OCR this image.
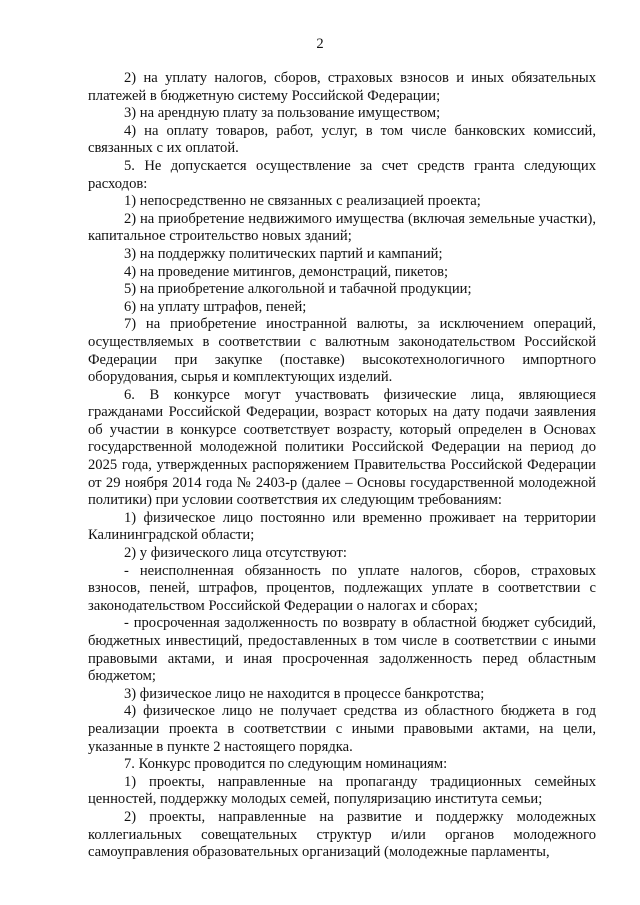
2

2) на уплату налогов, сборов, страховых взносов и иных обязательных платежей в бюджетную систему Российской Федерации;

3) на арендную плату за пользование имуществом;

4) на оплату товаров, работ, услуг, в том числе банковских комиссий, связанных с их оплатой.

5. Не допускается осуществление за счет средств гранта следующих расходов:

1) непосредственно не связанных с реализацией проекта;

2) на приобретение недвижимого имущества (включая земельные участки), капитальное строительство новых зданий;

3) на поддержку политических партий и кампаний;

4) на проведение митингов, демонстраций, пикетов;

5) на приобретение алкогольной и табачной продукции;

6) на уплату штрафов, пеней;

7) на приобретение иностранной валюты, за исключением операций, осуществляемых в соответствии с валютным законодательством Российской Федерации при закупке (поставке) высокотехнологичного импортного оборудования, сырья и комплектующих изделий.

6. В конкурсе могут участвовать физические лица, являющиеся гражданами Российской Федерации, возраст которых на дату подачи заявления об участии в конкурсе соответствует возрасту, который определен в Основах государственной молодежной политики Российской Федерации на период до 2025 года, утвержденных распоряжением Правительства Российской Федерации от 29 ноября 2014 года № 2403-р (далее – Основы государственной молодежной политики) при условии соответствия их следующим требованиям:

1) физическое лицо постоянно или временно проживает на территории Калининградской области;

2) у физического лица отсутствуют:

- неисполненная обязанность по уплате налогов, сборов, страховых взносов, пеней, штрафов, процентов, подлежащих уплате в соответствии с законодательством Российской Федерации о налогах и сборах;

- просроченная задолженность по возврату в областной бюджет субсидий, бюджетных инвестиций, предоставленных в том числе в соответствии с иными правовыми актами, и иная просроченная задолженность перед областным бюджетом;

3) физическое лицо не находится в процессе банкротства;

4) физическое лицо не получает средства из областного бюджета в год реализации проекта в соответствии с иными правовыми актами, на цели, указанные в пункте 2 настоящего порядка.

7. Конкурс проводится по следующим номинациям:

1) проекты, направленные на пропаганду традиционных семейных ценностей, поддержку молодых семей, популяризацию института семьи;

2) проекты, направленные на развитие и поддержку молодежных коллегиальных совещательных структур и/или органов молодежного самоуправления образовательных организаций (молодежные парламенты,
